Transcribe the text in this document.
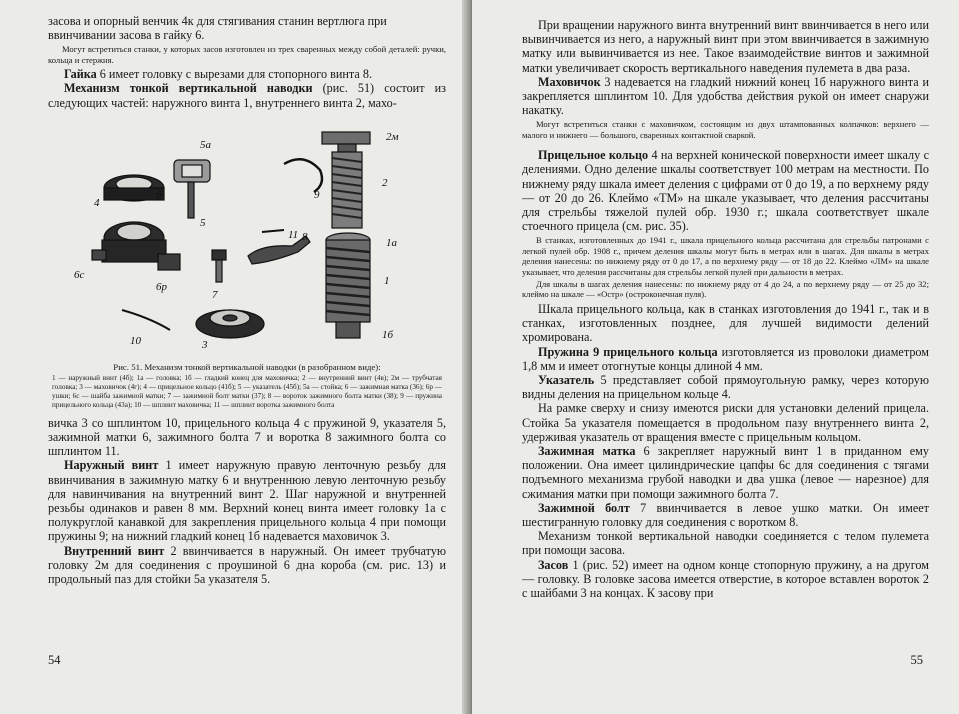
засова и опорный венчик 4к для стягивания станин вертлюга при
ввинчивании засова в гайку 6.

Могут встретиться станки, у которых засов изготовлен из трех сваренных между собой деталей: ручки, кольца и стержня.

Гайка 6 имеет головку с вырезами для стопорного винта 8.

Механизм тонкой вертикальной наводки (рис. 51) состоит из следующих частей: наружного винта 1, внутреннего винта 2, махо-

5а
4
6
5
9
2м
2
11 8	1а
6с
6р
7
1
10	3
1б

Рис. 51. Механизм тонкой вертикальной наводки (в разобранном виде):

1 — наружный винт (4б); 1а — головка; 1б — гладкий конец для маховичка; 2 — внутренний винт (4в); 2м — трубчатая головка; 3 — маховичок (4г); 4 — прицельное кольцо (41б); 5 — указатель (45б); 5а — стойка; 6 — зажимная матка (36); 6р — ушки; 6с — шайба зажимной матки; 7 — зажимной болт матки (37); 8 — вороток зажимного болта матки (38); 9 — пружина прицельного кольца (43а); 10 — шплинт маховичка; 11 — шплинт воротка зажимного болта

вичка 3 со шплинтом 10, прицельного кольца 4 с пружиной 9, указателя 5, зажимной матки 6, зажимного болта 7 и воротка 8 зажимного болта со шплинтом 11.

Наружный винт 1 имеет наружную правую ленточную резьбу для ввинчивания в зажимную матку 6 и внутреннюю левую ленточную резьбу для навинчивания на внутренний винт 2. Шаг наружной и внутренней резьбы одинаков и равен 8 мм. Верхний конец винта имеет головку 1а с полукруглой канавкой для закрепления прицельного кольца 4 при помощи пружины 9; на нижний гладкий конец 1б надевается маховичок 3.

Внутренний винт 2 ввинчивается в наружный. Он имеет трубчатую головку 2м для соединения с проушиной 6 дна короба (см. рис. 13) и продольный паз для стойки 5а указателя 5.

54

При вращении наружного винта внутренний винт ввинчивается в него или вывинчивается из него, а наружный винт при этом ввинчивается в зажимную матку или вывинчивается из нее. Такое взаимодействие винтов и зажимной матки увеличивает скорость вертикального наведения пулемета в два раза.

Маховичок 3 надевается на гладкий нижний конец 1б наружного винта и закрепляется шплинтом 10. Для удобства действия рукой он имеет снаружи накатку.

Могут встретиться станки с маховичком, состоящим из двух штампованных колпачков: верхнего — малого и нижнего — большого, сваренных контактной сваркой.

Прицельное кольцо 4 на верхней конической поверхности имеет шкалу с делениями. Одно деление шкалы соответствует 100 метрам на местности. По нижнему ряду шкала имеет деления с цифрами от 0 до 19, а по верхнему ряду — от 20 до 26. Клеймо «ТМ» на шкале указывает, что деления рассчитаны для стрельбы тяжелой пулей обр. 1930 г.; шкала соответствует шкале стоечного прицела (см. рис. 35).

В станках, изготовленных до 1941 г., шкала прицельного кольца рассчитана для стрельбы патронами с легкой пулей обр. 1908 г., причем деления шкалы могут быть в метрах или в шагах. Для шкалы в метрах деления нанесены: по нижнему ряду от 0 до 17, а по верхнему ряду — от 18 до 22. Клеймо «ЛМ» на шкале указывает, что деления рассчитаны для стрельбы легкой пулей при дальности в метрах.

Для шкалы в шагах деления нанесены: по нижнему ряду от 4 до 24, а по верхнему ряду — от 25 до 32; клеймо на шкале — «Остр» (остроконечная пуля).

Шкала прицельного кольца, как в станках изготовления до 1941 г., так и в станках, изготовленных позднее, для лучшей видимости делений хромирована.

Пружина 9 прицельного кольца изготовляется из проволоки диаметром 1,8 мм и имеет отогнутые концы длиной 4 мм.

Указатель 5 представляет собой прямоугольную рамку, через которую видны деления на прицельном кольце 4.

На рамке сверху и снизу имеются риски для установки делений прицела. Стойка 5а указателя помещается в продольном пазу внутреннего винта 2, удерживая указатель от вращения вместе с прицельным кольцом.

Зажимная матка 6 закрепляет наружный винт 1 в приданном ему положении. Она имеет цилиндрические цапфы 6с для соединения с тягами подъемного механизма грубой наводки и два ушка (левое — нарезное) для сжимания матки при помощи зажимного болта 7.

Зажимной болт 7 ввинчивается в левое ушко матки. Он имеет шестигранную головку для соединения с воротком 8.

Механизм тонкой вертикальной наводки соединяется с телом пулемета при помощи засова.

Засов 1 (рис. 52) имеет на одном конце стопорную пружину, а на другом — головку. В головке засова имеется отверстие, в которое вставлен вороток 2 с шайбами 3 на концах. К засову при

55
